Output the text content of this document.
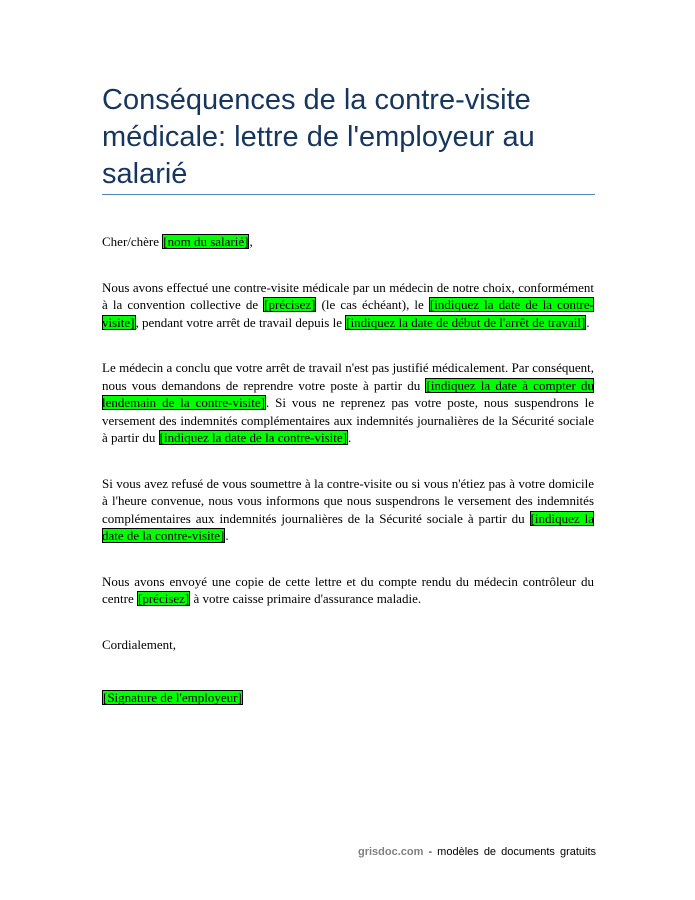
Conséquences de la contre-visite médicale: lettre de l'employeur au salarié

Cher/chère [nom du salarié],

Nous avons effectué une contre-visite médicale par un médecin de notre choix, conformément à la convention collective de [précisez] (le cas échéant), le [indiquez la date de la contre-visite], pendant votre arrêt de travail depuis le [indiquez la date de début de l'arrêt de travail].

Le médecin a conclu que votre arrêt de travail n'est pas justifié médicalement. Par conséquent, nous vous demandons de reprendre votre poste à partir du [indiquez la date à compter du lendemain de la contre-visite]. Si vous ne reprenez pas votre poste, nous suspendrons le versement des indemnités complémentaires aux indemnités journalières de la Sécurité sociale à partir du [indiquez la date de la contre-visite].

Si vous avez refusé de vous soumettre à la contre-visite ou si vous n'étiez pas à votre domicile à l'heure convenue, nous vous informons que nous suspendrons le versement des indemnités complémentaires aux indemnités journalières de la Sécurité sociale à partir du [indiquez la date de la contre-visite].

Nous avons envoyé une copie de cette lettre et du compte rendu du médecin contrôleur du centre [précisez] à votre caisse primaire d'assurance maladie.

Cordialement,

[Signature de l'employeur]

grisdoc.com - modèles de documents gratuits
